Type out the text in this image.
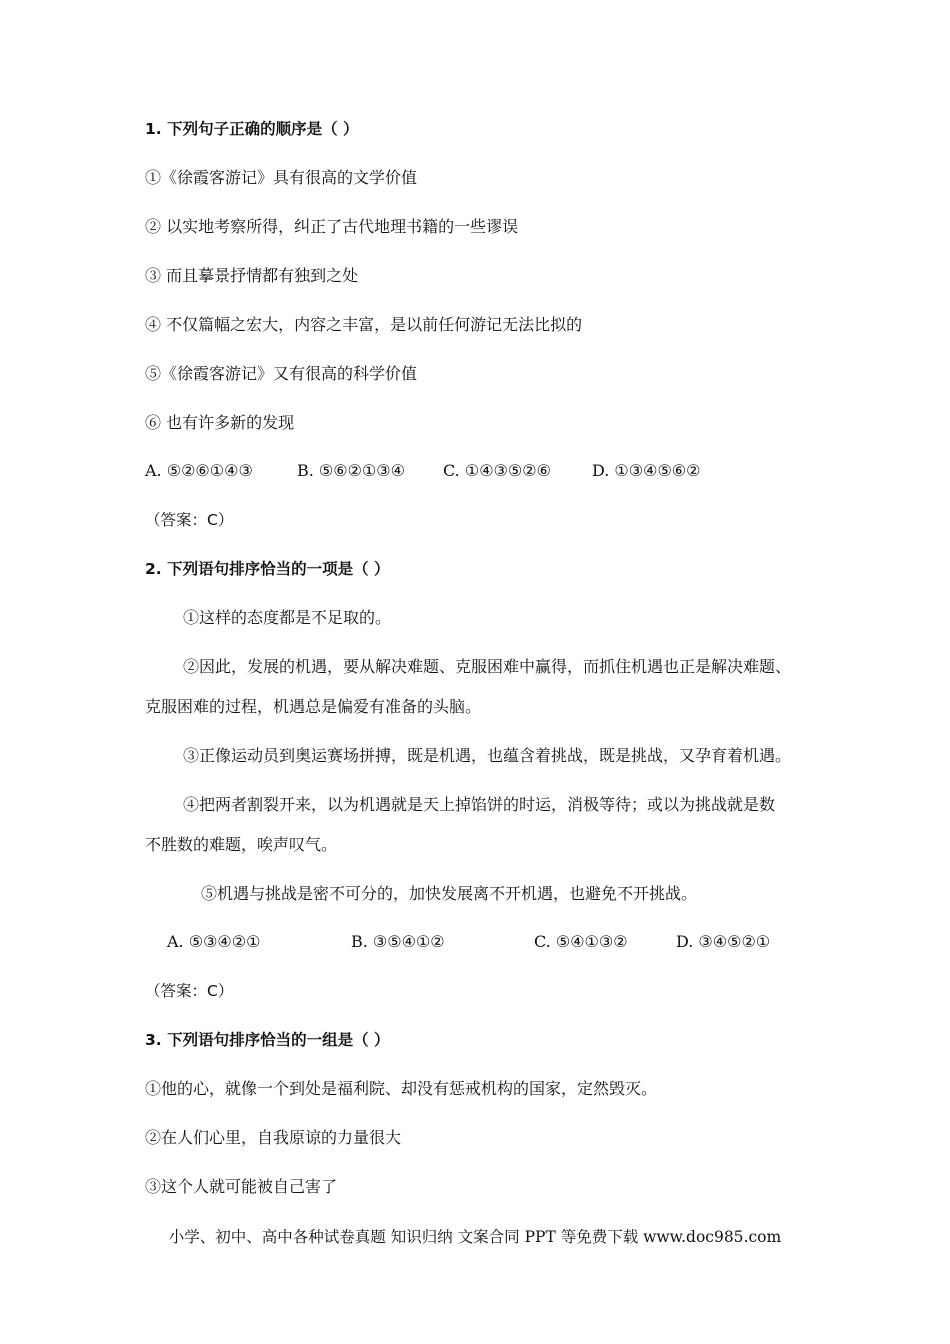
1. 下列句子正确的顺序是（ ）
①《徐霞客游记》具有很高的文学价值
② 以实地考察所得，纠正了古代地理书籍的一些谬误
③ 而且摹景抒情都有独到之处
④ 不仅篇幅之宏大，内容之丰富，是以前任何游记无法比拟的
⑤《徐霞客游记》又有很高的科学价值
⑥ 也有许多新的发现
A. ⑤②⑥①④③	B. ⑤⑥②①③④ C. ①④③⑤②⑥	D. ①③④⑤⑥②
（答案：C）
2. 下列语句排序恰当的一项是（ ）
①这样的态度都是不足取的。
②因此，发展的机遇，要从解决难题、克服困难中赢得，而抓住机遇也正是解决难题、
克服困难的过程，机遇总是偏爱有准备的头脑。
③正像运动员到奥运赛场拼搏，既是机遇，也蕴含着挑战，既是挑战，又孕育着机遇。
④把两者割裂开来，以为机遇就是天上掉馅饼的时运，消极等待；或以为挑战就是数
不胜数的难题，唉声叹气。
⑤机遇与挑战是密不可分的，加快发展离不开机遇，也避免不开挑战。
A. ⑤③④②①	B. ③⑤④①②	C. ⑤④①③②	D. ③④⑤②①
（答案：C）
3. 下列语句排序恰当的一组是（ ）
①他的心，就像一个到处是福利院、却没有惩戒机构的国家，定然毁灭。
②在人们心里，自我原谅的力量很大
③这个人就可能被自己害了
小学、初中、高中各种试卷真题 知识归纳 文案合同 PPT 等免费下载 www.doc985.com
